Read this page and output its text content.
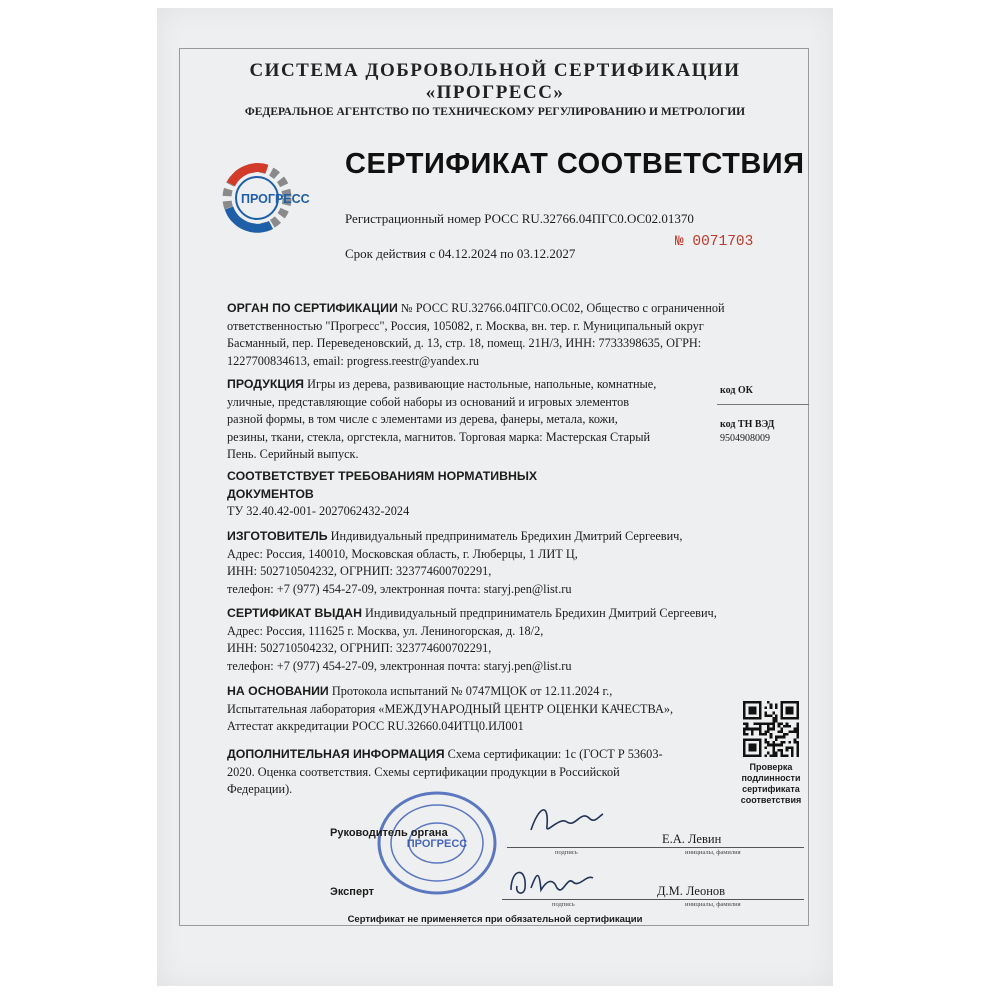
СИСТЕМА ДОБРОВОЛЬНОЙ СЕРТИФИКАЦИИ
«ПРОГРЕСС»
ФЕДЕРАЛЬНОЕ АГЕНТСТВО ПО ТЕХНИЧЕСКОМУ РЕГУЛИРОВАНИЮ И МЕТРОЛОГИИ
ПРОГРЕСС
СЕРТИФИКАТ СООТВЕТСТВИЯ
Регистрационный номер РОСС RU.32766.04ПГС0.ОС02.01370
№ 0071703
Срок действия с 04.12.2024 по 03.12.2027
ОРГАН ПО СЕРТИФИКАЦИИ № РОСС RU.32766.04ПГС0.ОС02, Общество с ограниченной ответственностью "Прогресс", Россия, 105082, г. Москва, вн. тер. г. Муниципальный округ Басманный, пер. Переведеновский, д. 13, стр. 18, помещ. 21Н/3, ИНН: 7733398635, ОГРН: 1227700834613, email: progress.reestr@yandex.ru
ПРОДУКЦИЯ Игры из дерева, развивающие настольные, напольные, комнатные, уличные, представляющие собой наборы из оснований и игровых элементов разной формы, в том числе с элементами из дерева, фанеры, метала, кожи, резины, ткани, стекла, оргстекла, магнитов. Торговая марка: Мастерская Старый Пень. Серийный выпуск.
код ОК
код ТН ВЭД
9504908009
СООТВЕТСТВУЕТ ТРЕБОВАНИЯМ НОРМАТИВНЫХ ДОКУМЕНТОВ
ТУ 32.40.42-001- 2027062432-2024
ИЗГОТОВИТЕЛЬ Индивидуальный предприниматель Бредихин Дмитрий Сергеевич,
Адрес: Россия, 140010, Московская область, г. Люберцы, 1 ЛИТ Ц,
ИНН: 502710504232, ОГРНИП: 323774600702291,
телефон: +7 (977) 454-27-09, электронная почта: staryj.pen@list.ru
СЕРТИФИКАТ ВЫДАН Индивидуальный предприниматель Бредихин Дмитрий Сергеевич,
Адрес: Россия, 111625 г. Москва, ул. Лениногорская, д. 18/2,
ИНН: 502710504232, ОГРНИП: 323774600702291,
телефон: +7 (977) 454-27-09, электронная почта: staryj.pen@list.ru
НА ОСНОВАНИИ Протокола испытаний № 0747МЦОК от 12.11.2024 г., Испытательная лаборатория «МЕЖДУНАРОДНЫЙ ЦЕНТР ОЦЕНКИ КАЧЕСТВА», Аттестат аккредитации РОСС RU.32660.04ИТЦ0.ИЛ001
ДОПОЛНИТЕЛЬНАЯ ИНФОРМАЦИЯ Схема сертификации: 1с (ГОСТ Р 53603-2020. Оценка соответствия. Схемы сертификации продукции в Российской Федерации).
Проверка подлинности сертификата соответствия
ПРОГРЕСС
Руководитель органа
подпись
Е.А. Левин
инициалы, фамилия
Эксперт
подпись
Д.М. Леонов
инициалы, фамилия
Сертификат не применяется при обязательной сертификации
